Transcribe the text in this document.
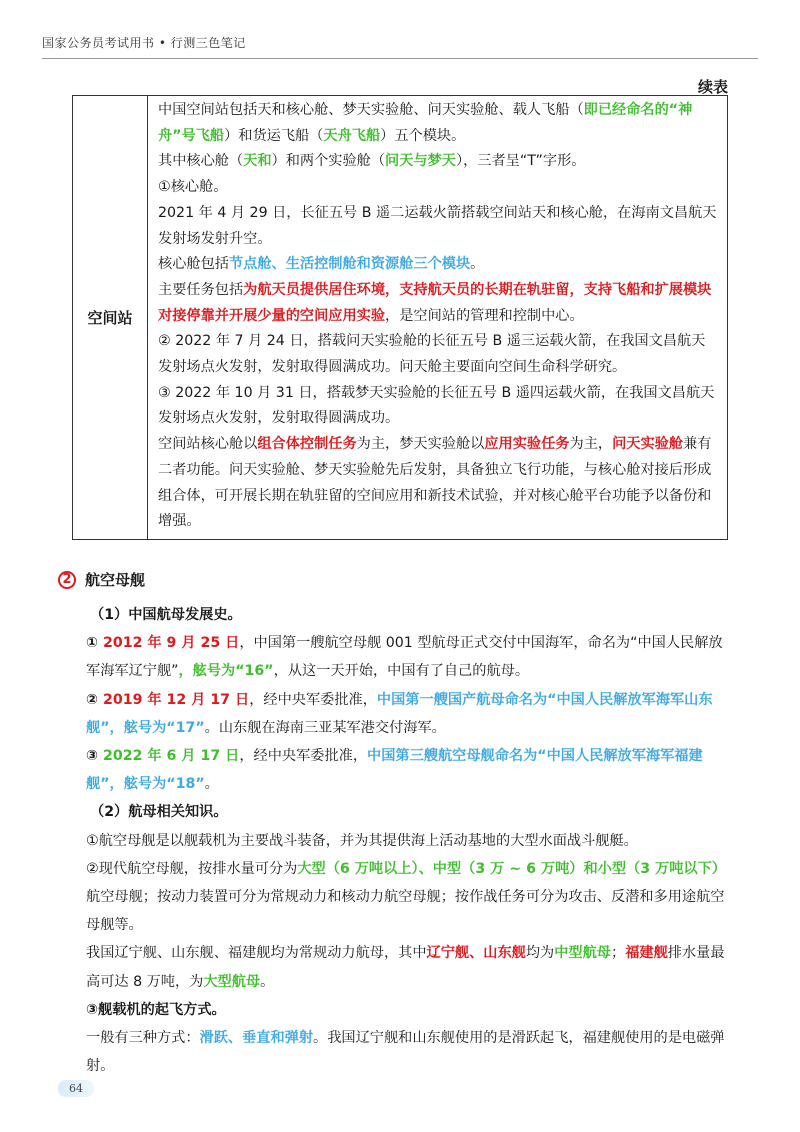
国家公务员考试用书 • 行测三色笔记
续表
空间站	
中国空间站包括天和核心舱、梦天实验舱、问天实验舱、载人飞船（即已经命名的“神舟”号飞船）和货运飞船（天舟飞船）五个模块。
其中核心舱（天和）和两个实验舱（问天与梦天），三者呈“T”字形。
①核心舱。
2021 年 4 月 29 日，长征五号 B 遥二运载火箭搭载空间站天和核心舱，在海南文昌航天发射场发射升空。
核心舱包括节点舱、生活控制舱和资源舱三个模块。
主要任务包括为航天员提供居住环境，支持航天员的长期在轨驻留，支持飞船和扩展模块对接停靠并开展少量的空间应用实验，是空间站的管理和控制中心。
② 2022 年 7 月 24 日，搭载问天实验舱的长征五号 B 遥三运载火箭，在我国文昌航天发射场点火发射，发射取得圆满成功。问天舱主要面向空间生命科学研究。
③ 2022 年 10 月 31 日，搭载梦天实验舱的长征五号 B 遥四运载火箭，在我国文昌航天发射场点火发射，发射取得圆满成功。
空间站核心舱以组合体控制任务为主，梦天实验舱以应用实验任务为主，问天实验舱兼有二者功能。问天实验舱、梦天实验舱先后发射，具备独立飞行功能，与核心舱对接后形成组合体，可开展长期在轨驻留的空间应用和新技术试验，并对核心舱平台功能予以备份和增强。
2 航空母舰

（1）中国航母发展史。

① 2012 年 9 月 25 日，中国第一艘航空母舰 001 型航母正式交付中国海军，命名为“中国人民解放军海军辽宁舰”，舷号为“16”，从这一天开始，中国有了自己的航母。

② 2019 年 12 月 17 日，经中央军委批准，中国第一艘国产航母命名为“中国人民解放军海军山东舰”，舷号为“17”。山东舰在海南三亚某军港交付海军。

③ 2022 年 6 月 17 日，经中央军委批准，中国第三艘航空母舰命名为“中国人民解放军海军福建舰”，舷号为“18”。

（2）航母相关知识。

①航空母舰是以舰载机为主要战斗装备，并为其提供海上活动基地的大型水面战斗舰艇。

②现代航空母舰，按排水量可分为大型（6 万吨以上）、中型（3 万 ~ 6 万吨）和小型（3 万吨以下）航空母舰；按动力装置可分为常规动力和核动力航空母舰；按作战任务可分为攻击、反潜和多用途航空母舰等。

我国辽宁舰、山东舰、福建舰均为常规动力航母，其中辽宁舰、山东舰均为中型航母；福建舰排水量最高可达 8 万吨，为大型航母。

③舰载机的起飞方式。

一般有三种方式：滑跃、垂直和弹射。我国辽宁舰和山东舰使用的是滑跃起飞，福建舰使用的是电磁弹射。

64
